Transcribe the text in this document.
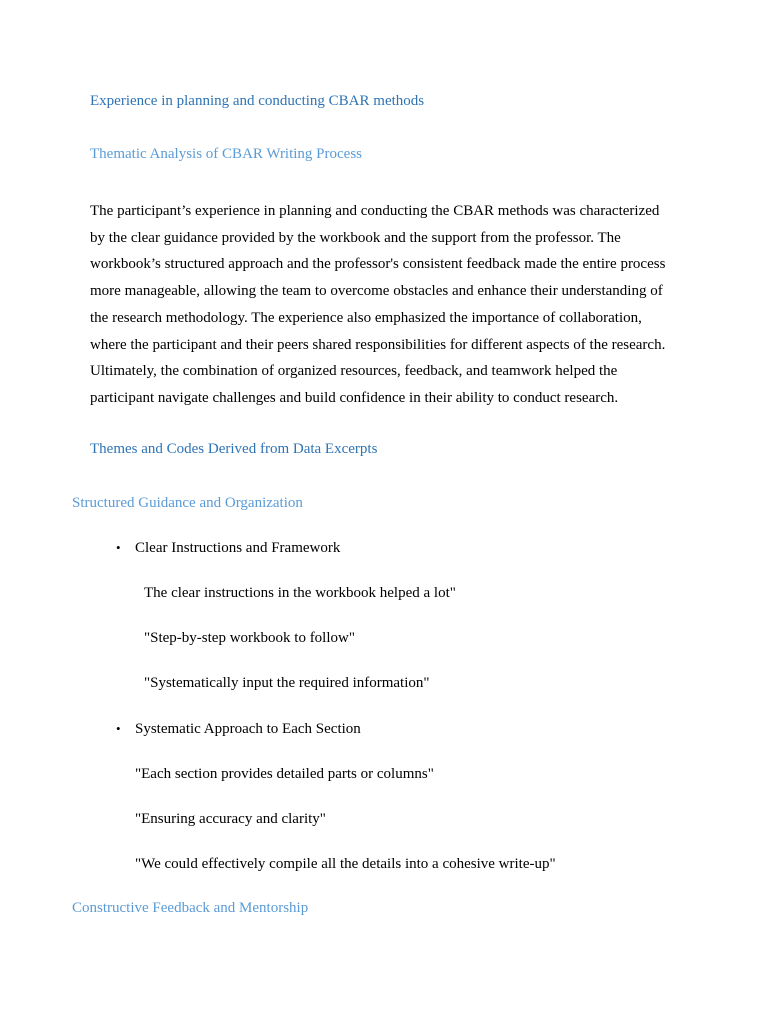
Experience in planning and conducting CBAR methods
Thematic Analysis of CBAR Writing Process

The participant’s experience in planning and conducting the CBAR methods was characterized
by the clear guidance provided by the workbook and the support from the professor. The
workbook’s structured approach and the professor's consistent feedback made the entire process
more manageable, allowing the team to overcome obstacles and enhance their understanding of
the research methodology. The experience also emphasized the importance of collaboration,
where the participant and their peers shared responsibilities for different aspects of the research.
Ultimately, the combination of organized resources, feedback, and teamwork helped the
participant navigate challenges and build confidence in their ability to conduct research.

Themes and Codes Derived from Data Excerpts
Structured Guidance and Organization
• Clear Instructions and Framework
The clear instructions in the workbook helped a lot"
"Step-by-step workbook to follow"
"Systematically input the required information"
• Systematic Approach to Each Section
"Each section provides detailed parts or columns"
"Ensuring accuracy and clarity"
"We could effectively compile all the details into a cohesive write-up"
Constructive Feedback and Mentorship
